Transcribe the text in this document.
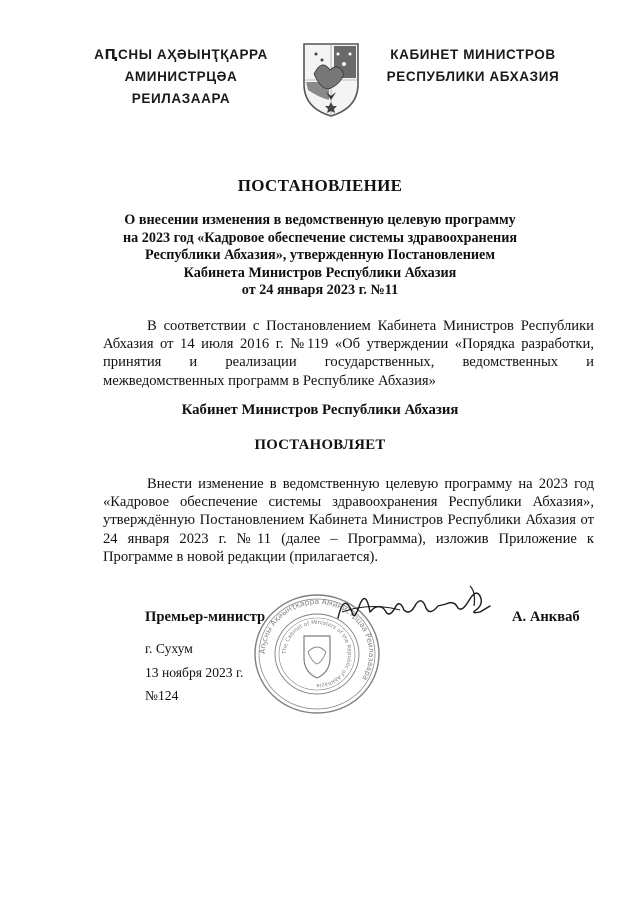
АԤСНЫ АҲӘЫНҬҚАРРА
АМИНИСТРЦӘА РЕИЛАЗААРА
КАБИНЕТ МИНИСТРОВ
РЕСПУБЛИКИ АБХАЗИЯ
ПОСТАНОВЛЕНИЕ
О внесении изменения в ведомственную целевую программу
на 2023 год «Кадровое обеспечение системы здравоохранения
Республики Абхазия», утвержденную Постановлением
Кабинета Министров Республики Абхазия
от 24 января 2023 г. №11
В соответствии с Постановлением Кабинета Министров Республики Абхазия от 14 июля 2016 г. №119 «Об утверждении «Порядка разработки, принятия и реализации государственных, ведомственных и межведомственных программ в Республике Абхазия»
Кабинет Министров Республики Абхазия
ПОСТАНОВЛЯЕТ
Внести изменение в ведомственную целевую программу на 2023 год «Кадровое обеспечение системы здравоохранения Республики Абхазия», утверждённую Постановлением Кабинета Министров Республики Абхазия от 24 января 2023 г. №11 (далее – Программа), изложив Приложение к Программе в новой редакции (прилагается).
Аҧсны Аҳәынҭқарра Аминистрцәа Реилазаара
The Cabinet of Ministers of the Republic of Abkhazia
Премьер-министр	А. Анкваб
г. Сухум
13 ноября 2023 г.
№124
